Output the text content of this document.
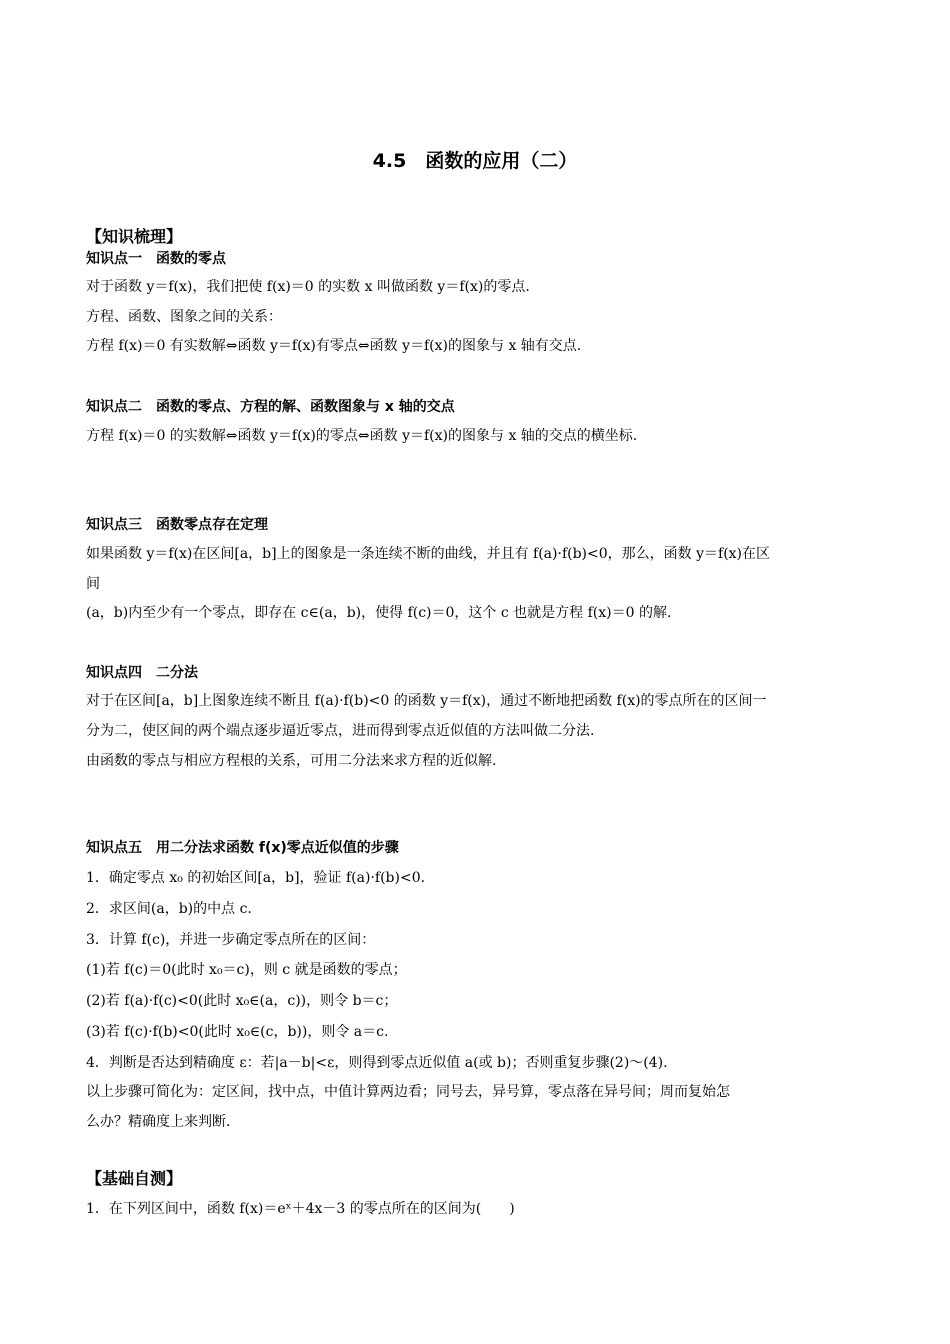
4.5　函数的应用（二）
【知识梳理】
知识点一　函数的零点
对于函数 y＝f(x)，我们把使 f(x)＝0 的实数 x 叫做函数 y＝f(x)的零点.
方程、函数、图象之间的关系：
方程 f(x)＝0 有实数解⇔函数 y＝f(x)有零点⇔函数 y＝f(x)的图象与 x 轴有交点.
知识点二　函数的零点、方程的解、函数图象与 x 轴的交点
方程 f(x)＝0 的实数解⇔函数 y＝f(x)的零点⇔函数 y＝f(x)的图象与 x 轴的交点的横坐标.
知识点三　函数零点存在定理
如果函数 y＝f(x)在区间[a，b]上的图象是一条连续不断的曲线，并且有 f(a)·f(b)<0，那么，函数 y＝f(x)在区
间
(a，b)内至少有一个零点，即存在 c∈(a，b)，使得 f(c)＝0，这个 c 也就是方程 f(x)＝0 的解.
知识点四　二分法
对于在区间[a，b]上图象连续不断且 f(a)·f(b)<0 的函数 y＝f(x)，通过不断地把函数 f(x)的零点所在的区间一
分为二，使区间的两个端点逐步逼近零点，进而得到零点近似值的方法叫做二分法.
由函数的零点与相应方程根的关系，可用二分法来求方程的近似解.
知识点五　用二分法求函数 f(x)零点近似值的步骤
1．确定零点 x₀ 的初始区间[a，b]，验证 f(a)·f(b)<0.
2．求区间(a，b)的中点 c.
3．计算 f(c)，并进一步确定零点所在的区间：
(1)若 f(c)＝0(此时 x₀＝c)，则 c 就是函数的零点；
(2)若 f(a)·f(c)<0(此时 x₀∈(a，c))，则令 b＝c；
(3)若 f(c)·f(b)<0(此时 x₀∈(c，b))，则令 a＝c.
4．判断是否达到精确度 ε：若|a－b|<ε，则得到零点近似值 a(或 b)；否则重复步骤(2)～(4).
以上步骤可简化为：定区间，找中点，中值计算两边看；同号去，异号算，零点落在异号间；周而复始怎
么办？精确度上来判断.
【基础自测】
1．在下列区间中，函数 f(x)＝eˣ＋4x－3 的零点所在的区间为(　　)
